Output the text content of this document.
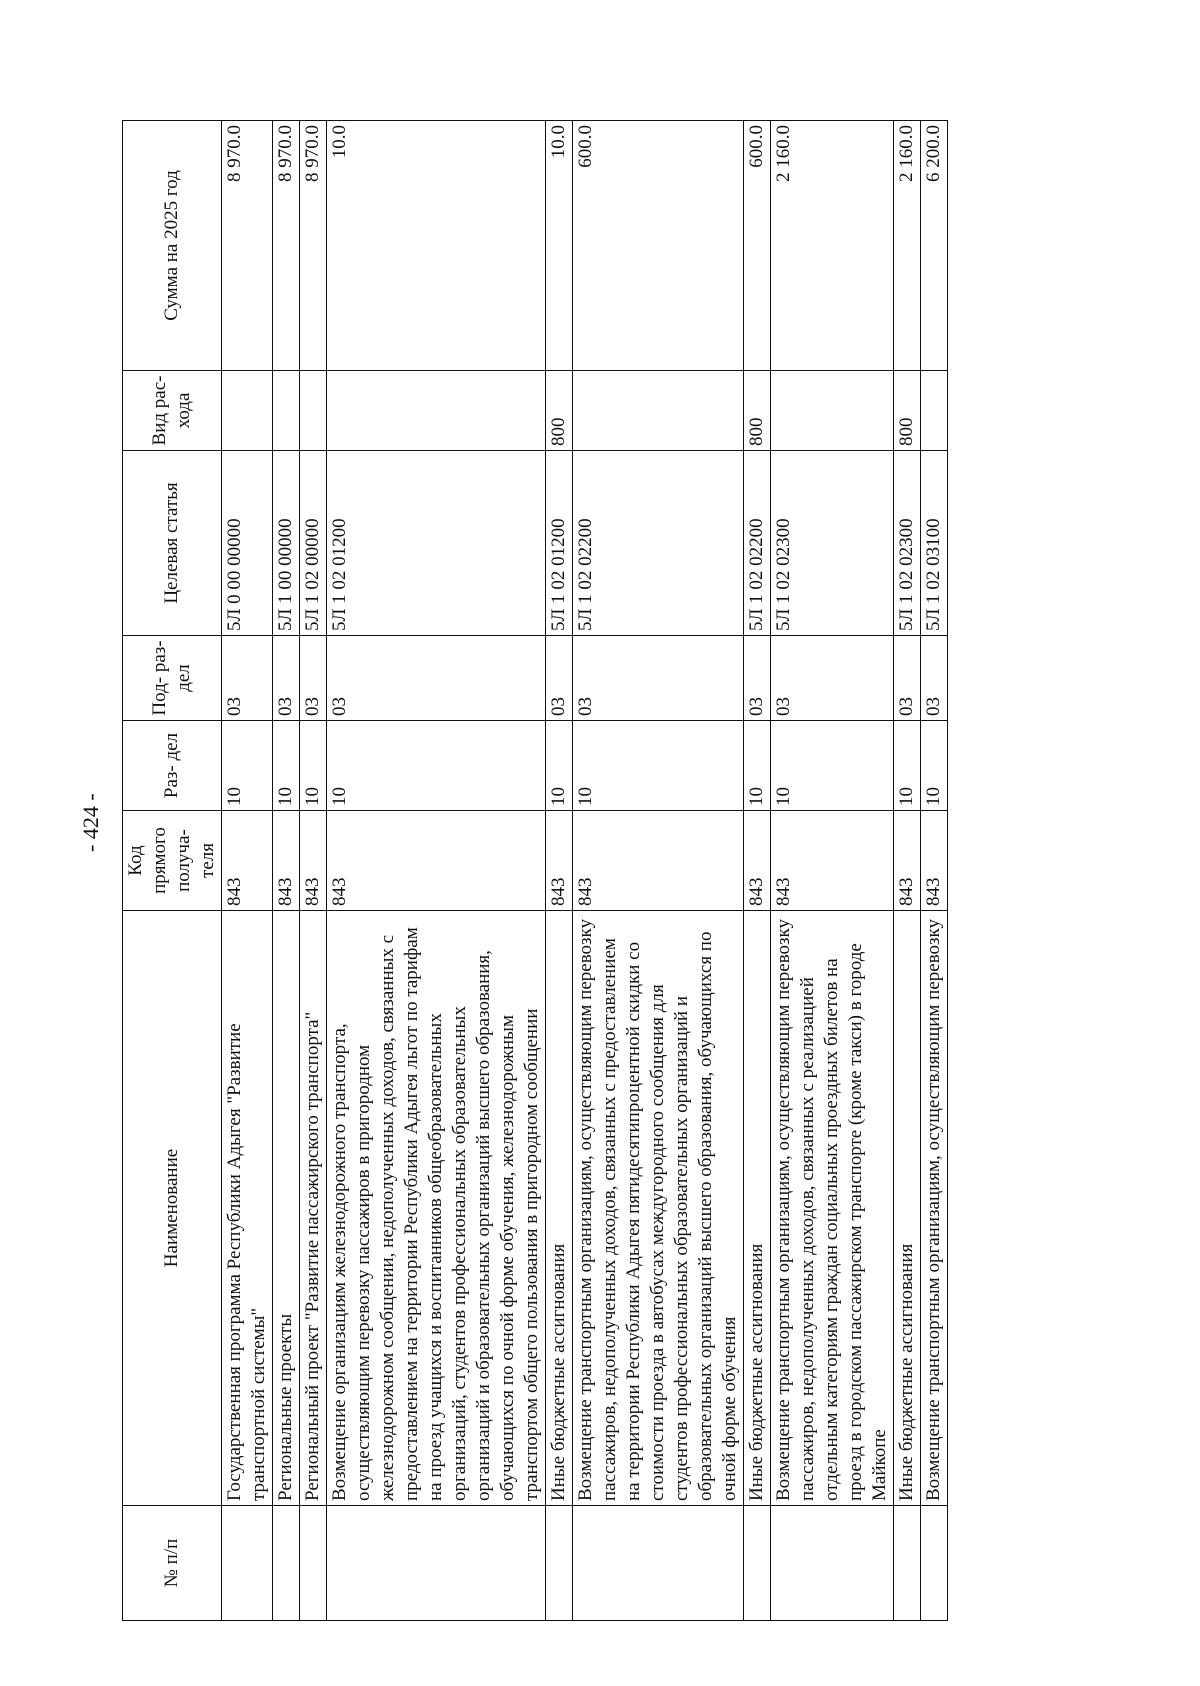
- 424 -
№ п/п	Наименование	Код прямого получа- теля	Раз- дел	Под- раз- дел	Целевая статья	Вид рас- хода	Сумма на 2025 год
	Государственная программа Республики Адыгея "Развитие транспортной системы"	843	10	03	5Л 0 00 00000		8 970.0
	Региональные проекты	843	10	03	5Л 1 00 00000		8 970.0
	Региональный проект "Развитие пассажирского транспорта"	843	10	03	5Л 1 02 00000		8 970.0
	Возмещение организациям железнодорожного транспорта, осуществляющим перевозку пассажиров в пригородном железнодорожном сообщении, недополученных доходов, связанных с предоставлением на территории Республики Адыгея льгот по тарифам на проезд учащихся и воспитанников общеобразовательных организаций, студентов профессиональных образовательных организаций и образовательных организаций высшего образования, обучающихся по очной форме обучения, железнодорожным транспортом общего пользования в пригородном сообщении	843	10	03	5Л 1 02 01200		10.0
	Иные бюджетные ассигнования	843	10	03	5Л 1 02 01200	800	10.0
	Возмещение транспортным организациям, осуществляющим перевозку пассажиров, недополученных доходов, связанных с предоставлением на территории Республики Адыгея пятидесятипроцентной скидки со стоимости проезда в автобусах междугородного сообщения для студентов профессиональных образовательных организаций и образовательных организаций высшего образования, обучающихся по очной форме обучения	843	10	03	5Л 1 02 02200		600.0
	Иные бюджетные ассигнования	843	10	03	5Л 1 02 02200	800	600.0
	Возмещение транспортным организациям, осуществляющим перевозку пассажиров, недополученных доходов, связанных с реализацией отдельным категориям граждан социальных проездных билетов на проезд в городском пассажирском транспорте (кроме такси) в городе Майкопе	843	10	03	5Л 1 02 02300		2 160.0
	Иные бюджетные ассигнования	843	10	03	5Л 1 02 02300	800	2 160.0
	Возмещение транспортным организациям, осуществляющим перевозку	843	10	03	5Л 1 02 03100		6 200.0
